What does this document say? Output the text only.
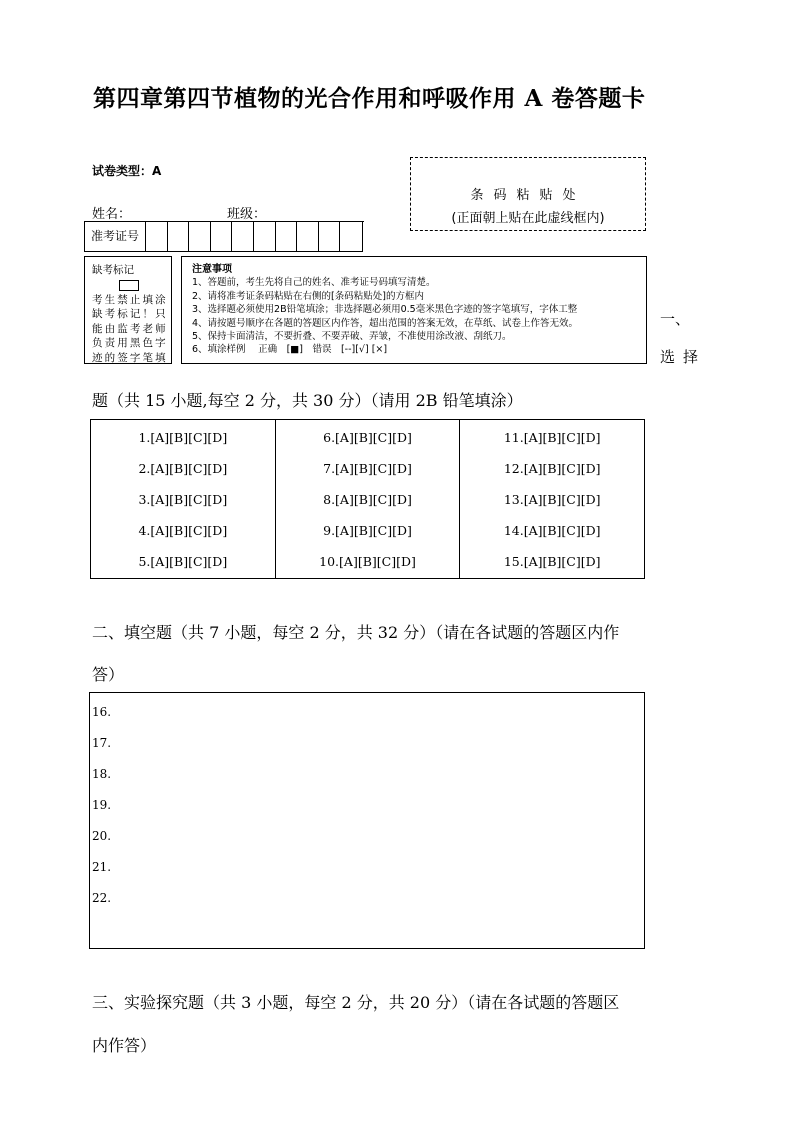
第四章第四节植物的光合作用和呼吸作用 A 卷答题卡
试卷类型：A
姓名：	班级：
条码粘贴处
(正面朝上贴在此虚线框内)
准考证号
缺考标记
考生禁止填涂缺考标记！只能由监考老师负责用黑色字迹的签字笔填
注意事项
1、答题前，考生先将自己的姓名、准考证号码填写清楚。
2、请将准考证条码粘贴在右侧的[条码粘贴处]的方框内
3、选择题必须使用2B铅笔填涂；非选择题必须用0.5毫米黑色字迹的签字笔填写，字体工整
4、请按题号顺序在各题的答题区内作答，超出范围的答案无效，在草纸、试卷上作答无效。
5、保持卡面清洁，不要折叠、不要弄破、弄皱，不准使用涂改液、刮纸刀。
6、填涂样例　 正确　[■]　错误　[--][√] [×]
一、
选择
题（共 15 小题,每空 2 分，共 30 分）（请用 2B 铅笔填涂）
1.[A][B][C][D]
2.[A][B][C][D]
3.[A][B][C][D]
4.[A][B][C][D]
5.[A][B][C][D]
6.[A][B][C][D]
7.[A][B][C][D]
8.[A][B][C][D]
9.[A][B][C][D]
10.[A][B][C][D]
11.[A][B][C][D]
12.[A][B][C][D]
13.[A][B][C][D]
14.[A][B][C][D]
15.[A][B][C][D]
二、填空题（共 7 小题，每空 2 分，共 32 分）（请在各试题的答题区内作
答）
16.
17.
18.
19.
20.
21.
22.
三、实验探究题（共 3 小题，每空 2 分，共 20 分）（请在各试题的答题区
内作答）
